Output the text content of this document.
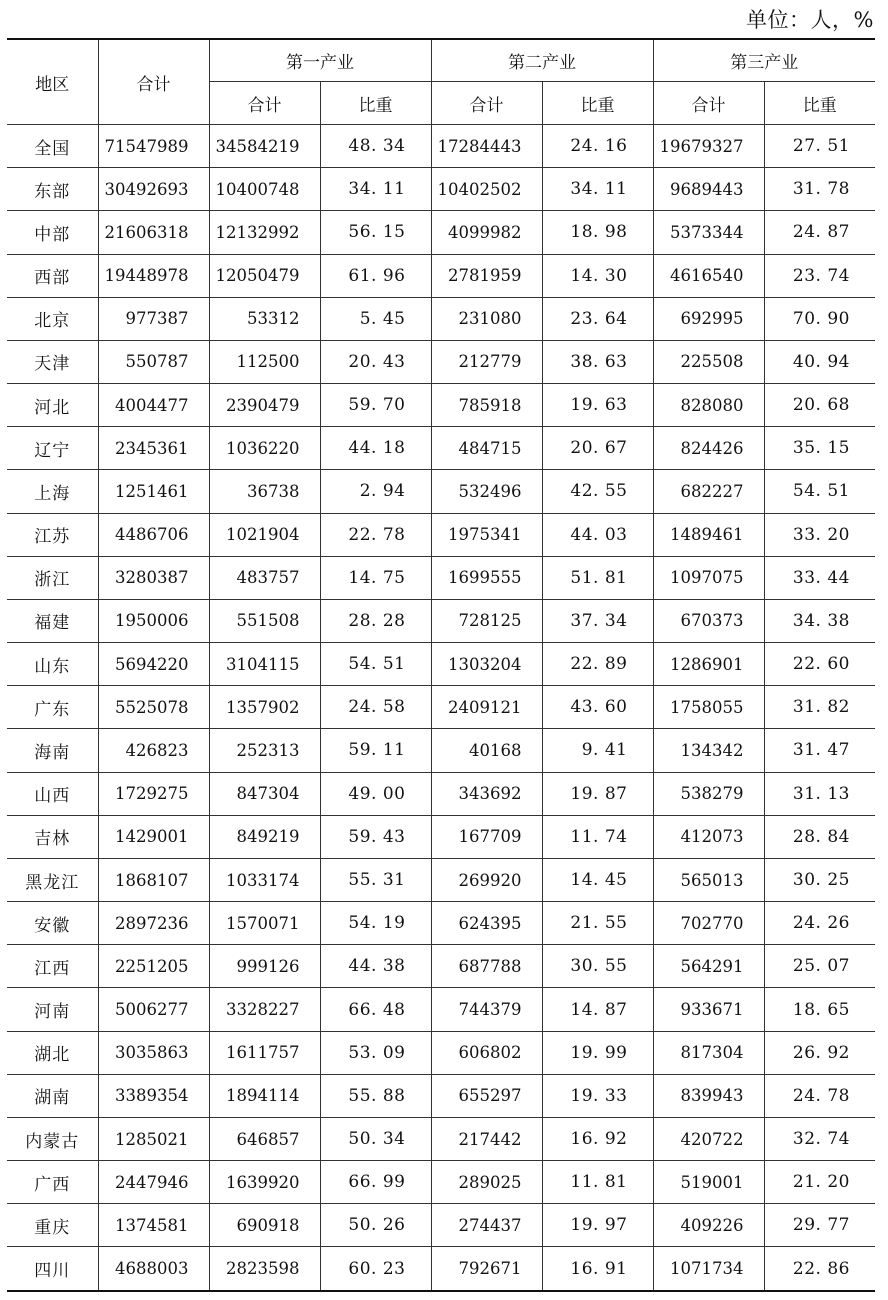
单位：人，%
地区	合计	第一产业		第二产业		第三产业	
		合计	比重	合计	比重	合计	比重
全国	71547989	34584219	48. 34	17284443	24. 16	19679327	27. 51
东部	30492693	10400748	34. 11	10402502	34. 11	9689443	31. 78
中部	21606318	12132992	56. 15	4099982	18. 98	5373344	24. 87
西部	19448978	12050479	61. 96	2781959	14. 30	4616540	23. 74
北京	977387	53312	5. 45	231080	23. 64	692995	70. 90
天津	550787	112500	20. 43	212779	38. 63	225508	40. 94
河北	4004477	2390479	59. 70	785918	19. 63	828080	20. 68
辽宁	2345361	1036220	44. 18	484715	20. 67	824426	35. 15
上海	1251461	36738	2. 94	532496	42. 55	682227	54. 51
江苏	4486706	1021904	22. 78	1975341	44. 03	1489461	33. 20
浙江	3280387	483757	14. 75	1699555	51. 81	1097075	33. 44
福建	1950006	551508	28. 28	728125	37. 34	670373	34. 38
山东	5694220	3104115	54. 51	1303204	22. 89	1286901	22. 60
广东	5525078	1357902	24. 58	2409121	43. 60	1758055	31. 82
海南	426823	252313	59. 11	40168	9. 41	134342	31. 47
山西	1729275	847304	49. 00	343692	19. 87	538279	31. 13
吉林	1429001	849219	59. 43	167709	11. 74	412073	28. 84
黑龙江	1868107	1033174	55. 31	269920	14. 45	565013	30. 25
安徽	2897236	1570071	54. 19	624395	21. 55	702770	24. 26
江西	2251205	999126	44. 38	687788	30. 55	564291	25. 07
河南	5006277	3328227	66. 48	744379	14. 87	933671	18. 65
湖北	3035863	1611757	53. 09	606802	19. 99	817304	26. 92
湖南	3389354	1894114	55. 88	655297	19. 33	839943	24. 78
内蒙古	1285021	646857	50. 34	217442	16. 92	420722	32. 74
广西	2447946	1639920	66. 99	289025	11. 81	519001	21. 20
重庆	1374581	690918	50. 26	274437	19. 97	409226	29. 77
四川	4688003	2823598	60. 23	792671	16. 91	1071734	22. 86
